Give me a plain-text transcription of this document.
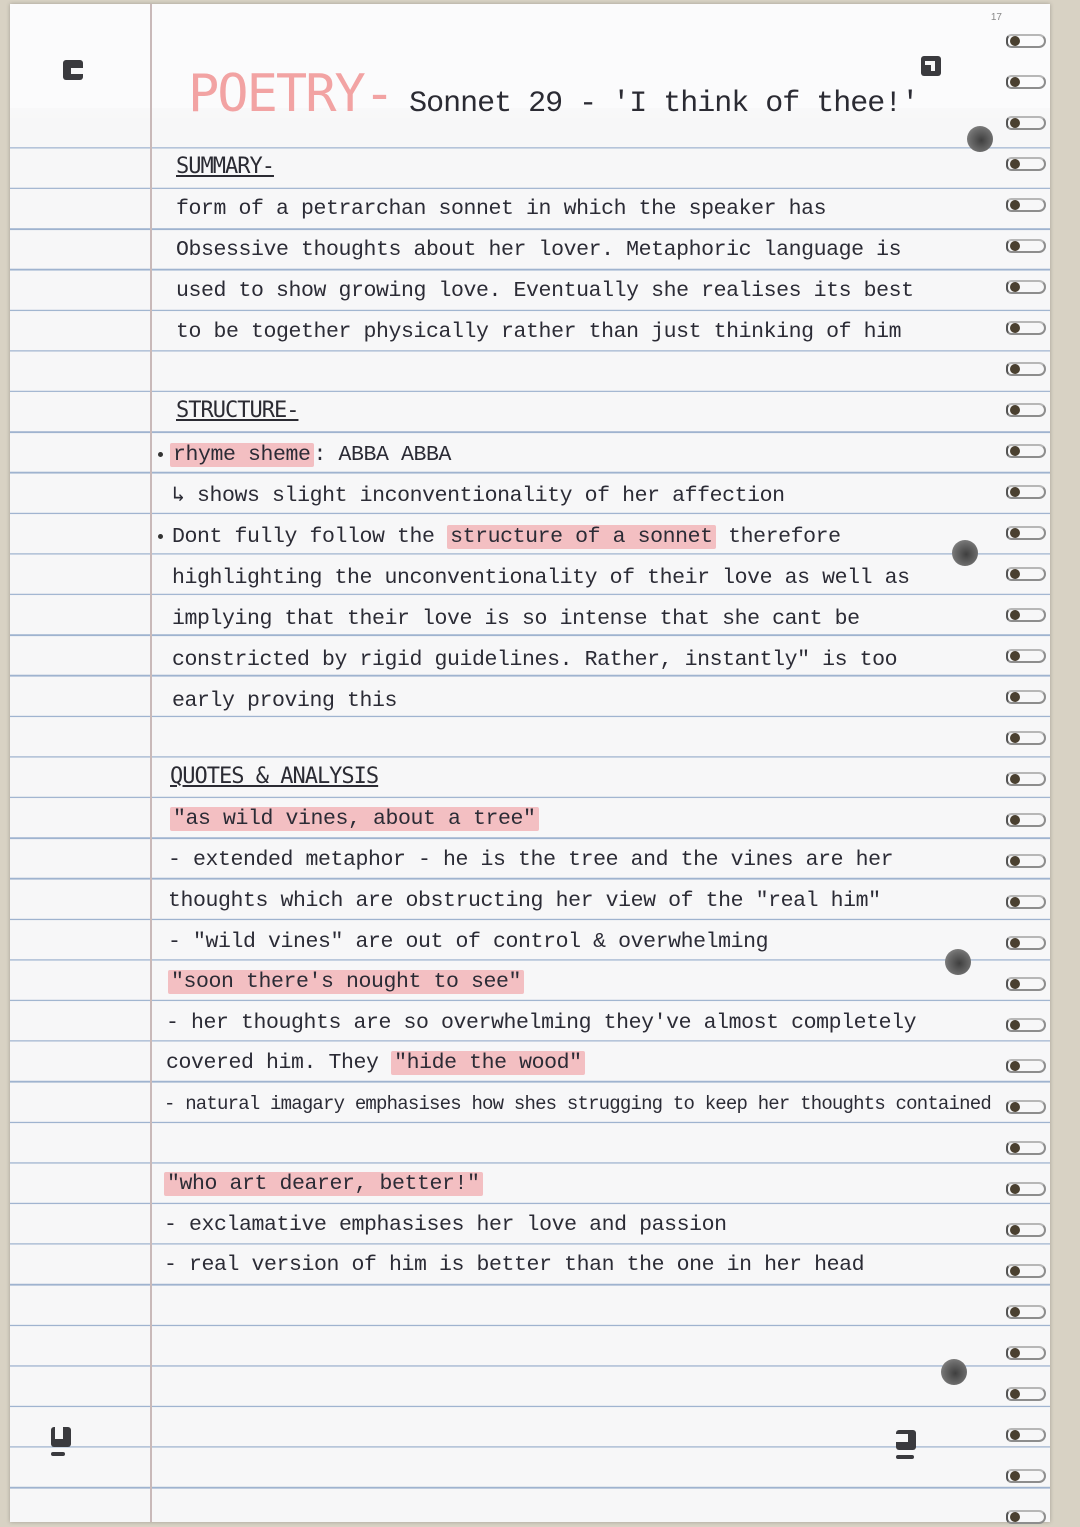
17
POETRY- Sonnet 29 - 'I think of thee!'
SUMMARY-
form of a petrarchan sonnet in which the speaker has
Obsessive thoughts about her lover. Metaphoric language is
used to show growing love. Eventually she realises its best
to be together physically rather than just thinking of him
STRUCTURE-
rhyme sheme : ABBA ABBA
↳ shows slight inconventionality of her affection
Dont fully follow the structure of a sonnet therefore
highlighting the unconventionality of their love as well as
implying that their love is so intense that she cant be
constricted by rigid guidelines. Rather, instantly" is too
early proving this
QUOTES & ANALYSIS
"as wild vines, about a tree"
- extended metaphor - he is the tree and the vines are her
thoughts which are obstructing her view of the "real him"
- "wild vines" are out of control & overwhelming
"soon there's nought to see"
- her thoughts are so overwhelming they've almost completely
covered him. They "hide the wood"
- natural imagary emphasises how shes strugging to keep her thoughts contained
"who art dearer, better!"
- exclamative emphasises her love and passion
- real version of him is better than the one in her head
